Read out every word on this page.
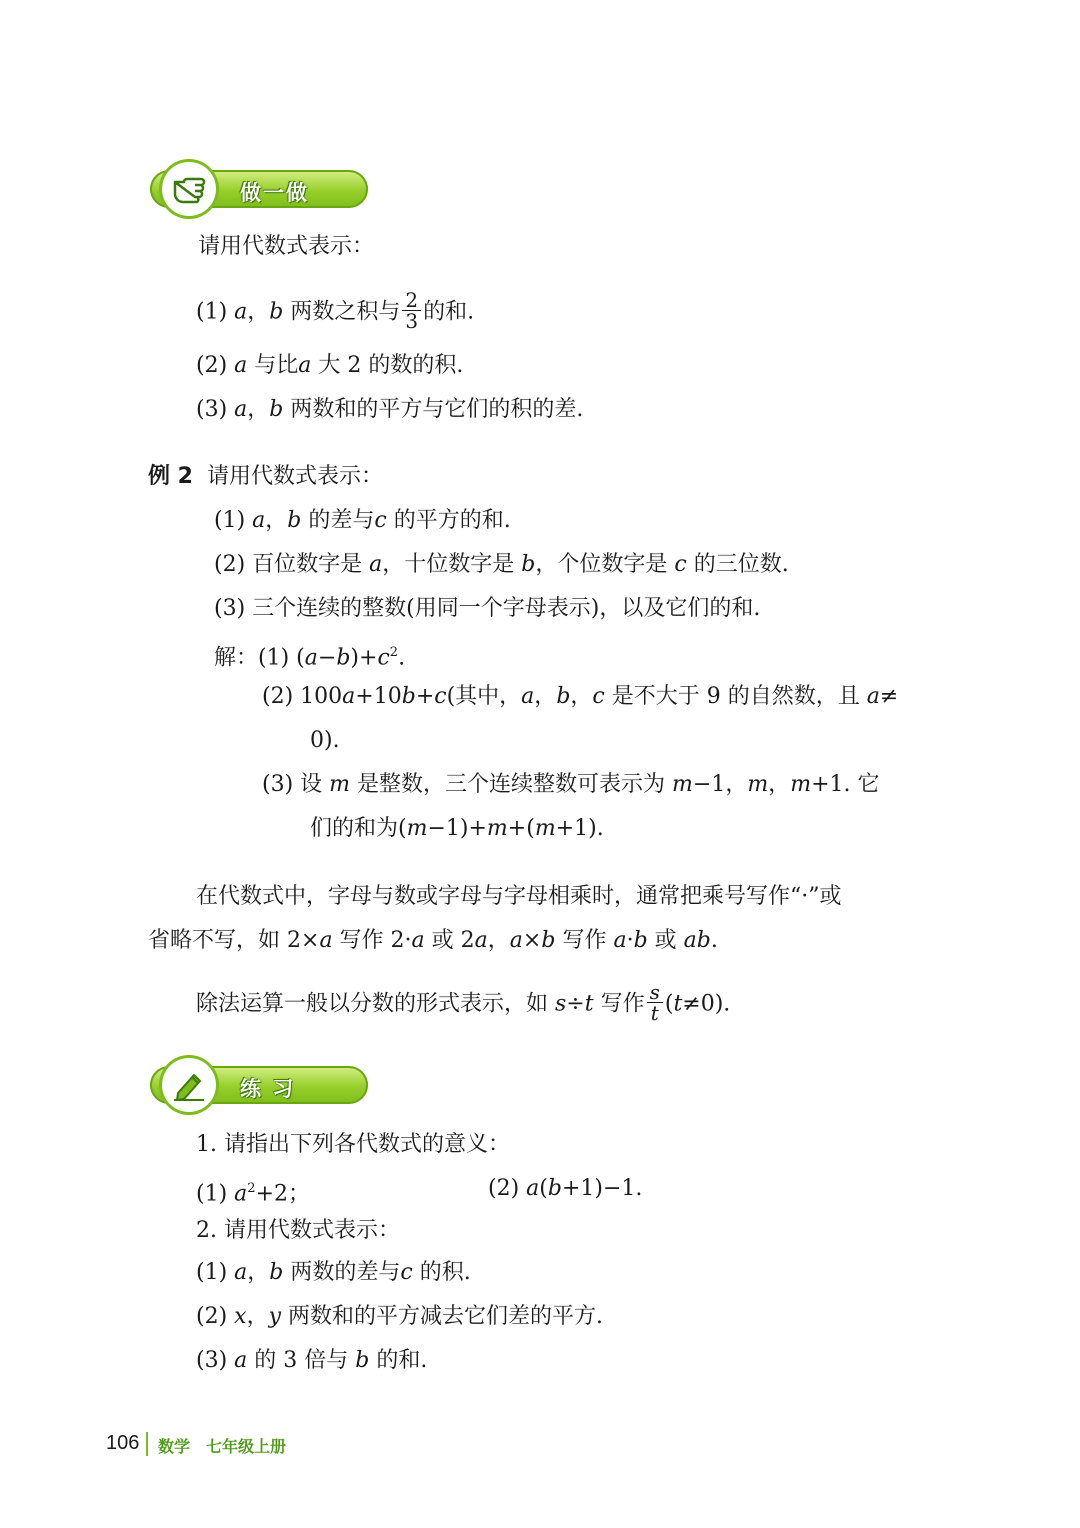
做一做
请用代数式表示：
(1) a，b 两数之积与 $\frac{2}{3}$ 的和.
(2) a 与比a 大 2 的数的积.
(3) a，b 两数和的平方与它们的积的差.
例 2 请用代数式表示：
(1) a，b 的差与c 的平方的和.
(2) 百位数字是 a，十位数字是 b，个位数字是 c 的三位数.
(3) 三个连续的整数(用同一个字母表示)，以及它们的和.
解：(1) $(a-b)+c^2$.
(2) 100a+10b+c(其中，a，b，c 是不大于 9 的自然数，且 a≠
0).
(3) 设 m 是整数，三个连续整数可表示为 m−1，m，m+1. 它
们的和为(m−1)+m+(m+1).
在代数式中，字母与数或字母与字母相乘时，通常把乘号写作“·”或
省略不写，如 2×a 写作 2·a 或 2a，a×b 写作 a·b 或 ab.
除法运算一般以分数的形式表示，如 s÷t 写作 $\frac{s}{t} (t\ne 0)$.
练 习
1. 请指出下列各代数式的意义：
(1) $a^2+2$；	(2) a(b+1)−1.
2. 请用代数式表示：
(1) a，b 两数的差与c 的积.
(2) x，y 两数和的平方减去它们差的平方.
(3) a 的 3 倍与 b 的和.
106 数学　七年级上册
